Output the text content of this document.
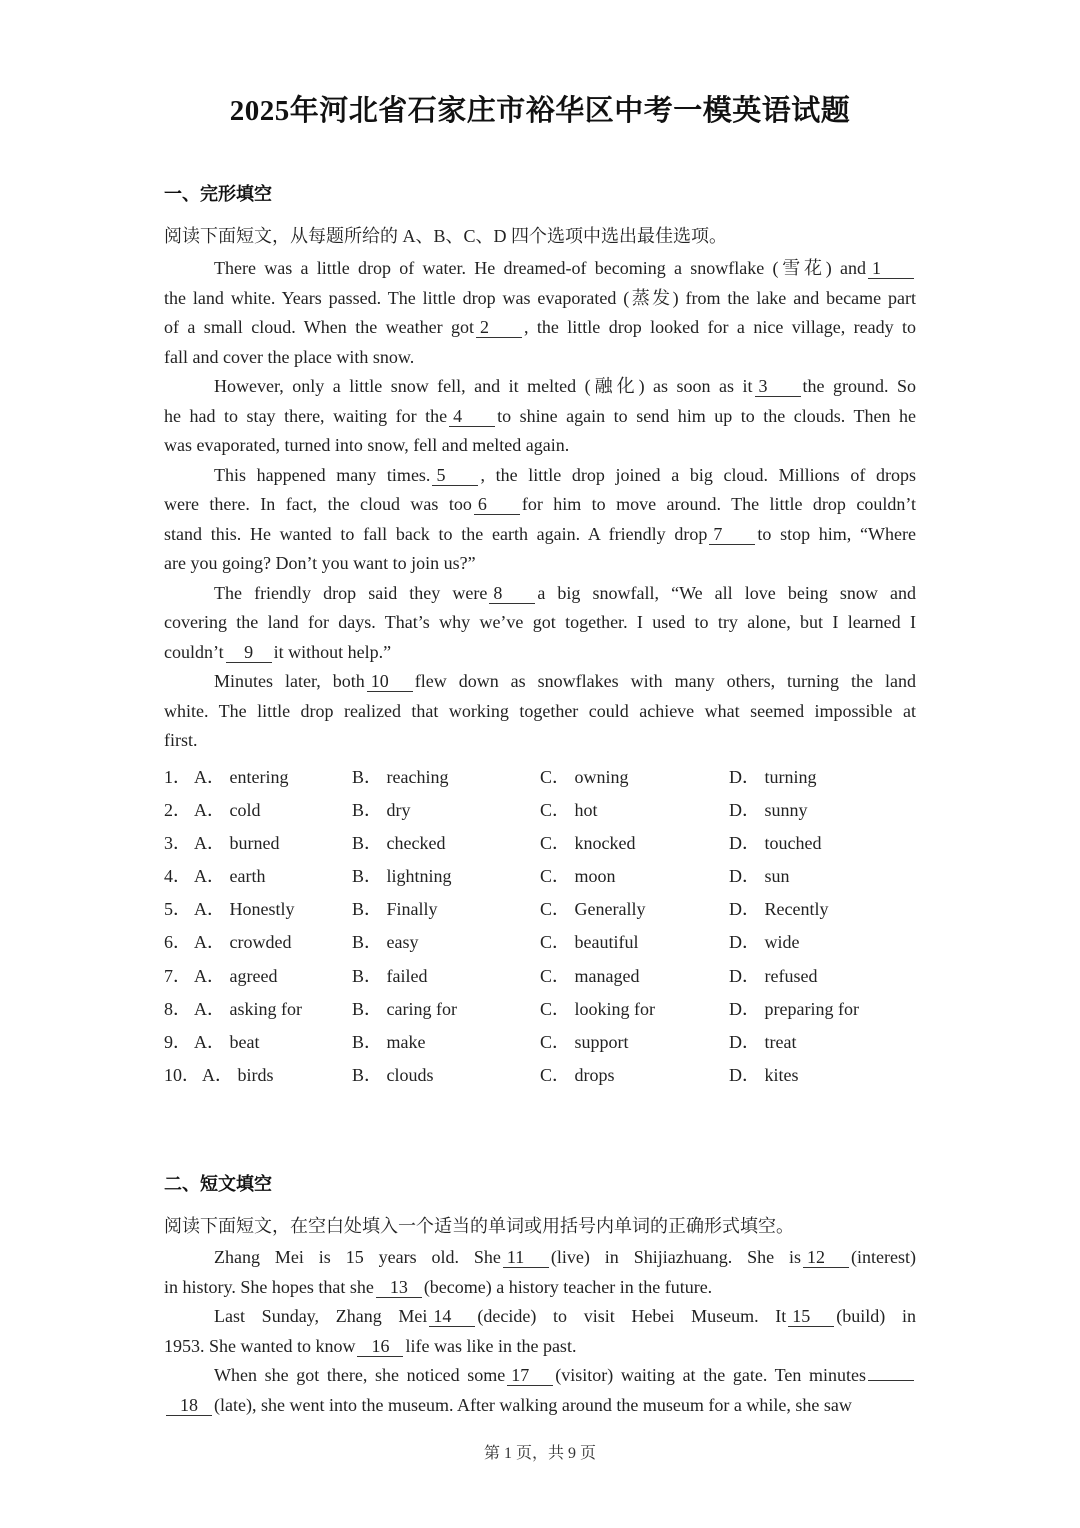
2025年河北省石家庄市裕华区中考一模英语试题
一、完形填空
阅读下面短文，从每题所给的 A、B、C、D 四个选项中选出最佳选项。
There was a little drop of water. He dreamed-of becoming a snowflake (雪花) and 1
the land white. Years passed. The little drop was evaporated (蒸发) from the lake and became part
of a small cloud. When the weather got 2 , the little drop looked for a nice village, ready to
fall and cover the place with snow.
However, only a little snow fell, and it melted (融化) as soon as it 3 the ground. So
he had to stay there, waiting for the 4 to shine again to send him up to the clouds. Then he
was evaporated, turned into snow, fell and melted again.
This happened many times. 5 , the little drop joined a big cloud. Millions of drops
were there. In fact, the cloud was too 6 for him to move around. The little drop couldn’t
stand this. He wanted to fall back to the earth again. A friendly drop 7 to stop him, “Where
are you going? Don’t you want to join us?”
The friendly drop said they were 8 a big snowfall, “We all love being snow and
covering the land for days. That’s why we’ve got together. I used to try alone, but I learned I
couldn’t 9 it without help.”
Minutes later, both 10 flew down as snowflakes with many others, turning the land
white. The little drop realized that working together could achieve what seemed impossible at
first.
1． A． entering	B． reaching	C． owning	D． turning
2． A． cold	B． dry	C． hot	D． sunny
3． A． burned	B． checked	C． knocked	D． touched
4． A． earth	B． lightning	C． moon	D． sun
5． A． Honestly	B． Finally	C． Generally	D． Recently
6． A． crowded	B． easy	C． beautiful	D． wide
7． A． agreed	B． failed	C． managed	D． refused
8． A． asking for	B． caring for	C． looking for	D． preparing for
9． A． beat	B． make	C． support	D． treat
10． A． birds	B． clouds	C． drops	D． kites
二、短文填空
阅读下面短文，在空白处填入一个适当的单词或用括号内单词的正确形式填空。
Zhang Mei is 15 years old. She 11 (live) in Shijiazhuang. She is 12 (interest)
in history. She hopes that she 13 (become) a history teacher in the future.
Last Sunday, Zhang Mei 14 (decide) to visit Hebei Museum. It 15 (build) in
1953. She wanted to know 16 life was like in the past.
When she got there, she noticed some 17 (visitor) waiting at the gate. Ten minutes
18 (late), she went into the museum. After walking around the museum for a while, she saw
第 1 页，共 9 页
